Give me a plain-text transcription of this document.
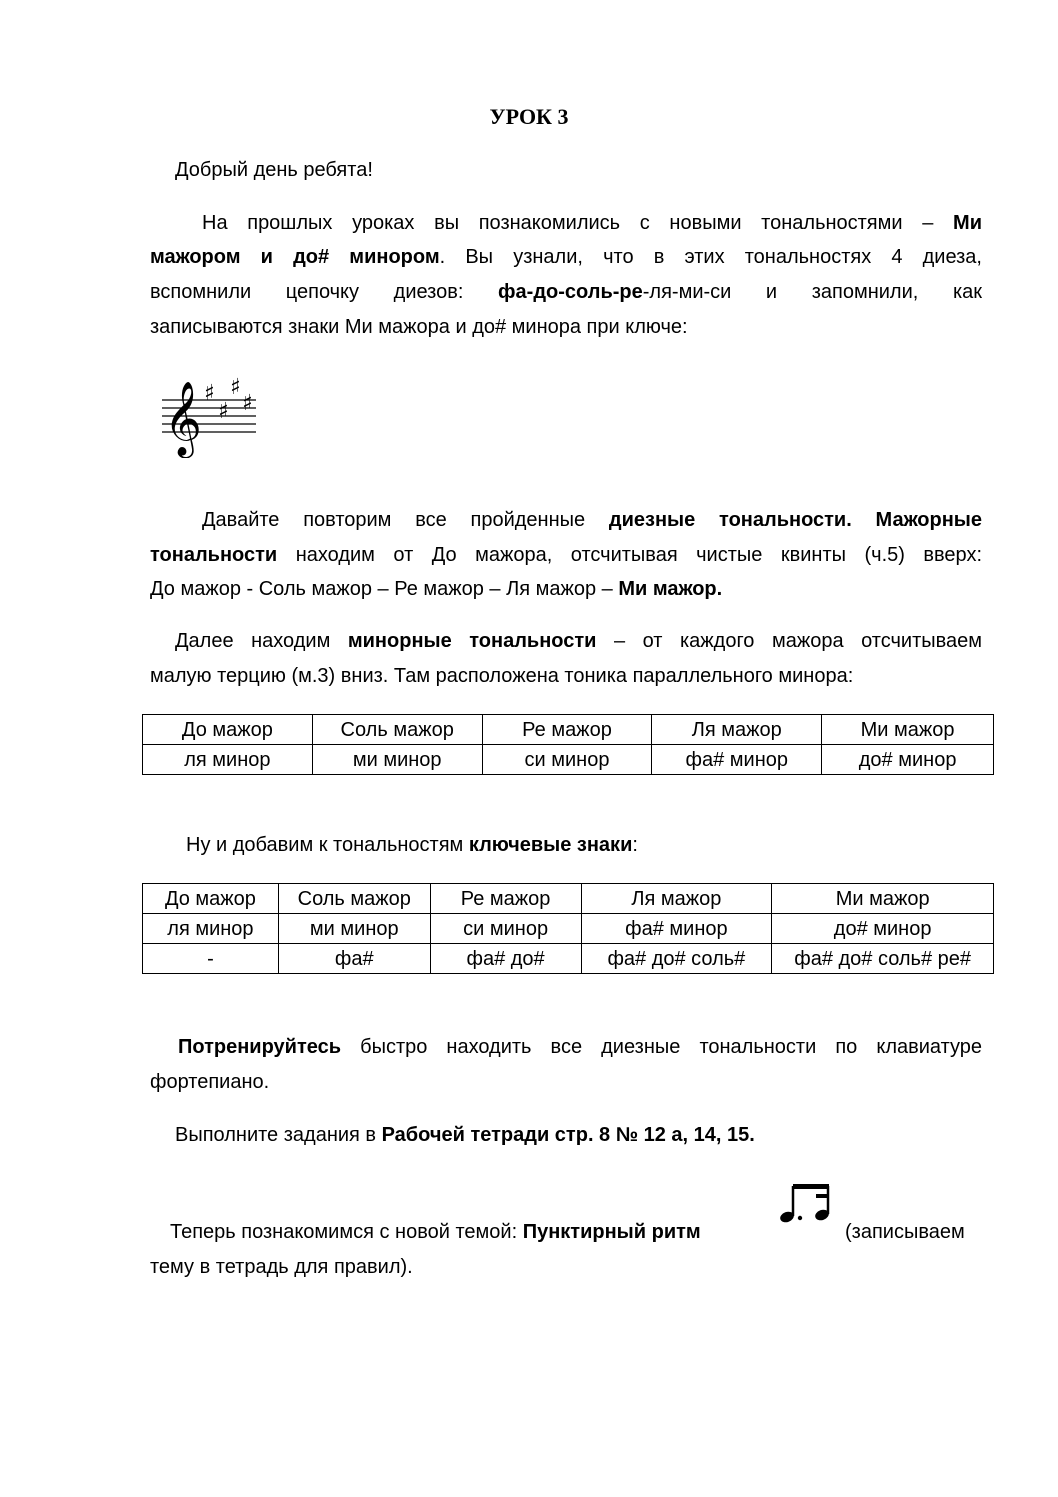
УРОК 3
Добрый день ребята!
На прошлых уроках вы познакомились с новыми тональностями – Ми
мажором и до# минором. Вы узнали, что в этих тональностях 4 диеза,
вспомнили цепочку диезов: фа-до-соль-ре-ля-ми-си и запомнили, как
записываются знаки Ми мажора и до# минора при ключе:
𝄞 ♯
♯
♯
♯
Давайте повторим все пройденные диезные тональности. Мажорные
тональности находим от До мажора, отсчитывая чистые квинты (ч.5) вверх:
До мажор - Соль мажор – Ре мажор – Ля мажор – Ми мажор.
Далее находим минорные тональности – от каждого мажора отсчитываем
малую терцию (м.3) вниз. Там расположена тоника параллельного минора:
До мажор	Соль мажор	Ре мажор	Ля мажор	Ми мажор
ля минор	ми минор	си минор	фа# минор	до# минор
Ну и добавим к тональностям ключевые знаки:
До мажор	Соль мажор	Ре мажор	Ля мажор	Ми мажор
ля минор	ми минор	си минор	фа# минор	до# минор
-	фа#	фа# до#	фа# до# соль#	фа# до# соль# ре#
Потренируйтесь быстро находить все диезные тональности по клавиатуре
фортепиано.
Выполните задания в Рабочей тетради стр. 8 № 12 а, 14, 15.
Теперь познакомимся с новой темой: Пунктирный ритм	(записываем
тему в тетрадь для правил).
